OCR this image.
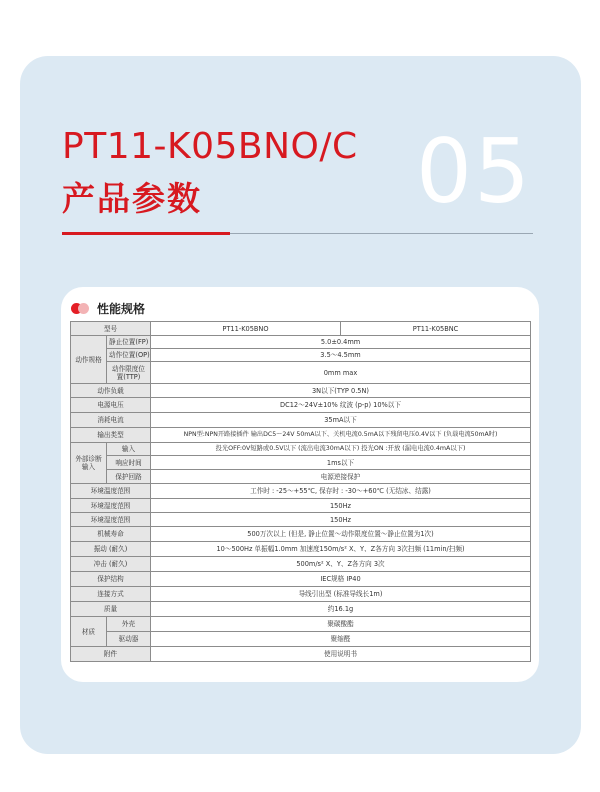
PT11-K05BNO/C
产品参数 05
性能规格
型号		PT11-K05BNO	PT11-K05BNC
动作规格	静止位置(FP)	5.0±0.4mm	
	动作位置(OP)	3.5～4.5mm	
	动作限度位置(TTP)	0mm max	
动作负载		3N以下(TYP 0.5N)	
电源电压		DC12～24V±10% 纹波 (p-p) 10%以下	
消耗电流		35mA以下	
输出类型		NPN型:NPN开路接插件 输出DC5～24V 50mA以下、关机电流0.5mA以下残留电压0.4V以下 (负载电流50mA时)	
外部诊断输入	输入	投光OFF:0V短路或0.5V以下 (流出电流30mA以下) 投光ON :开放 (漏电电流0.4mA以下)	
	响应时间	1ms以下	
	保护回路	电源逆接保护	
环境温度范围		工作时 : -25～+55℃, 保存时 : -30～+60℃ (无结冰、结露)	
环境湿度范围		150Hz	
环境湿度范围		150Hz	
机械寿命		500万次以上 (但是, 静止位置～动作限度位置～静止位置为1次)	
振动 (耐久)		10～500Hz 单振幅1.0mm 加速度150m/s² X、Y、Z各方向 3次扫频 (11min/扫频)	
冲击 (耐久)		500m/s² X、Y、Z各方向 3次	
保护结构		IEC规格 IP40	
连接方式		导线引出型 (标准导线长1m)	
质量		约16.1g	
材质	外壳	聚碳酸酯	
	驱动器	聚缩醛	
附件		使用说明书	
